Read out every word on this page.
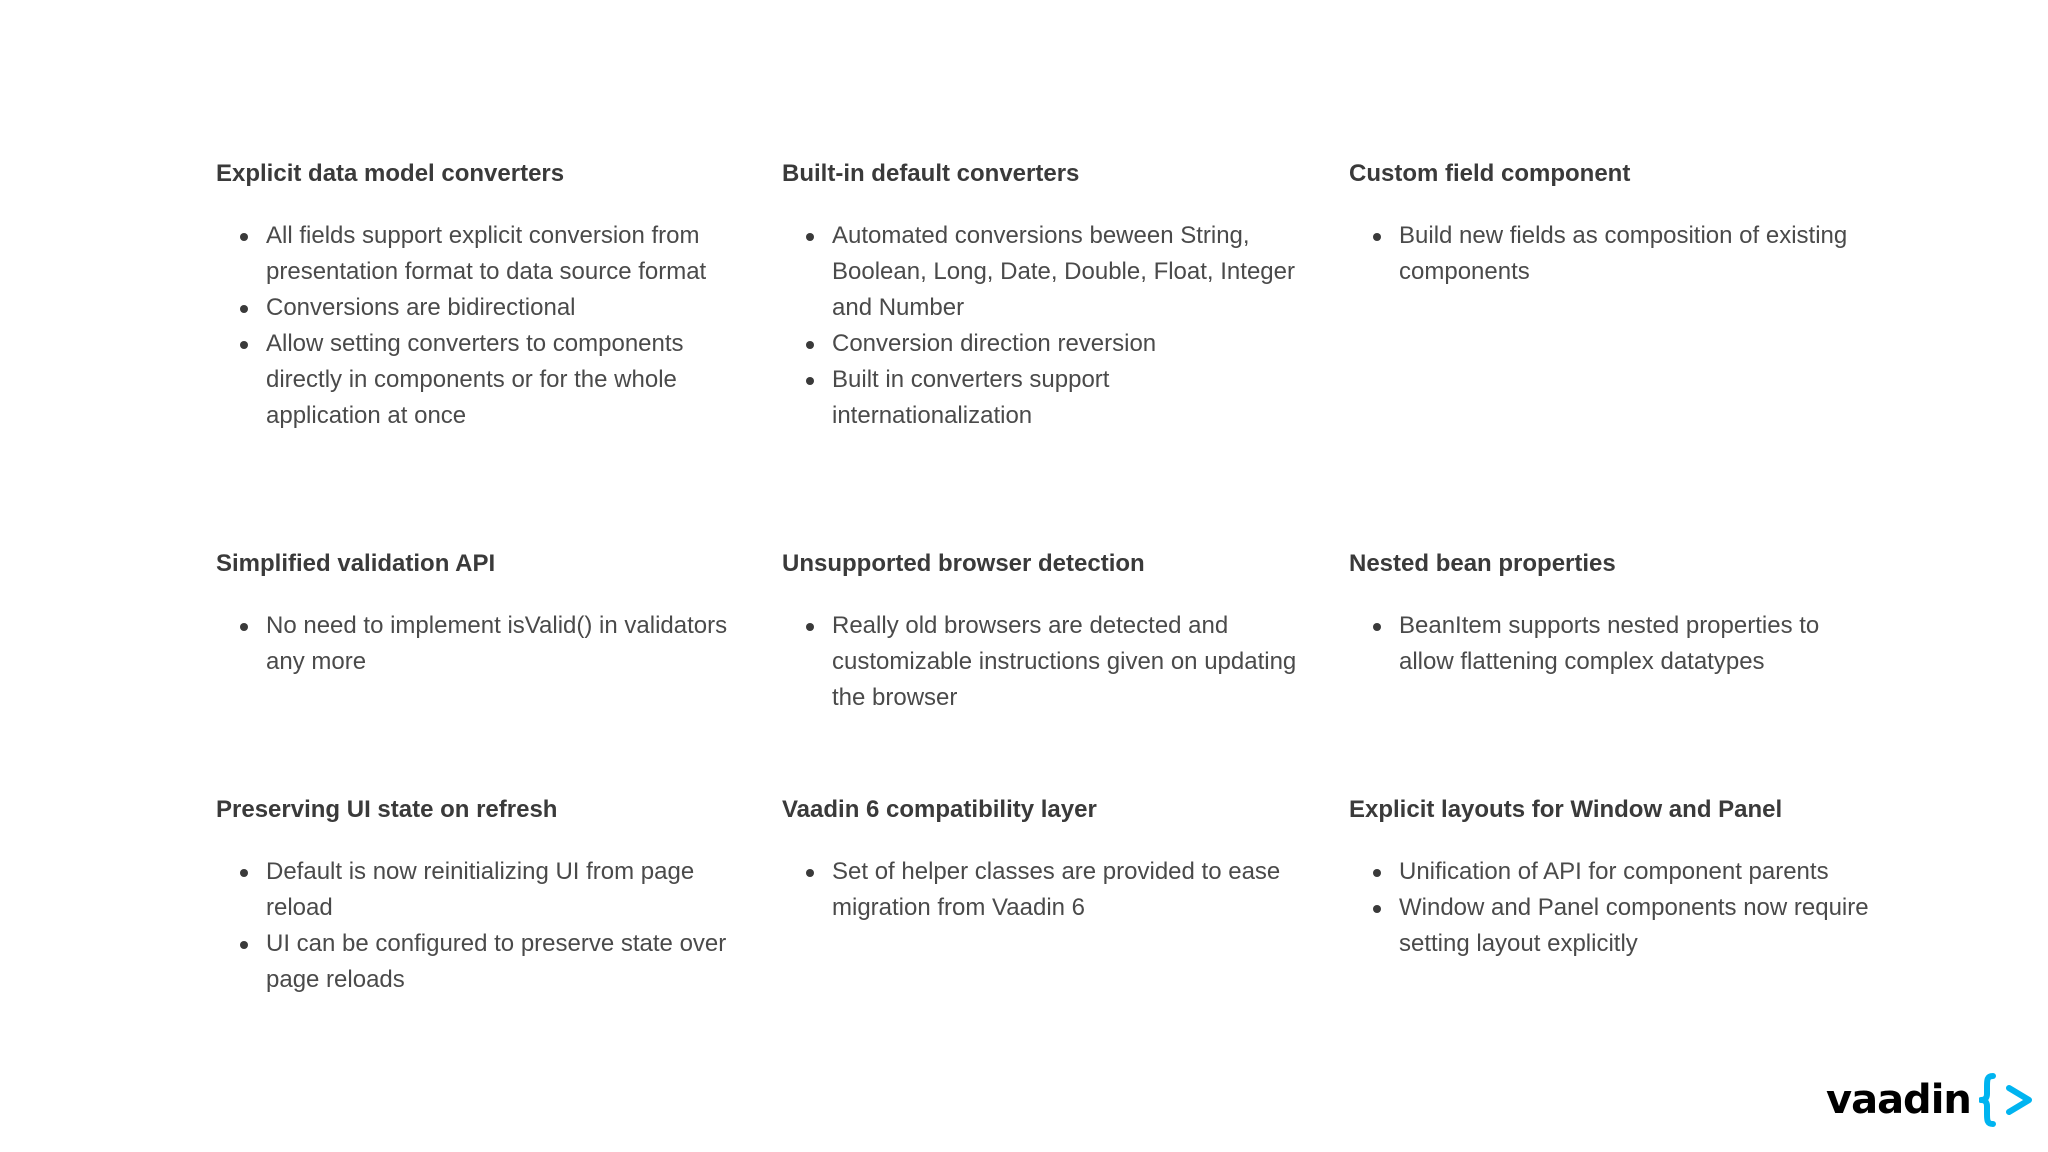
Explicit data model converters
All fields support explicit conversion from presentation format to data source format
Conversions are bidirectional
Allow setting converters to components directly in components or for the whole application at once
Built-in default converters
Automated conversions beween String, Boolean, Long, Date, Double, Float, Integer and Number
Conversion direction reversion
Built in converters support internationalization
Custom field component
Build new fields as composition of existing components
Simplified validation API
No need to implement isValid() in validators any more
Unsupported browser detection
Really old browsers are detected and customizable instructions given on updating the browser
Nested bean properties
BeanItem supports nested properties to allow flattening complex datatypes
Preserving UI state on refresh
Default is now reinitializing UI from page reload
UI can be configured to preserve state over page reloads
Vaadin 6 compatibility layer
Set of helper classes are provided to ease migration from Vaadin 6
Explicit layouts for Window and Panel
Unification of API for component parents
Window and Panel components now require setting layout explicitly
vaadin
